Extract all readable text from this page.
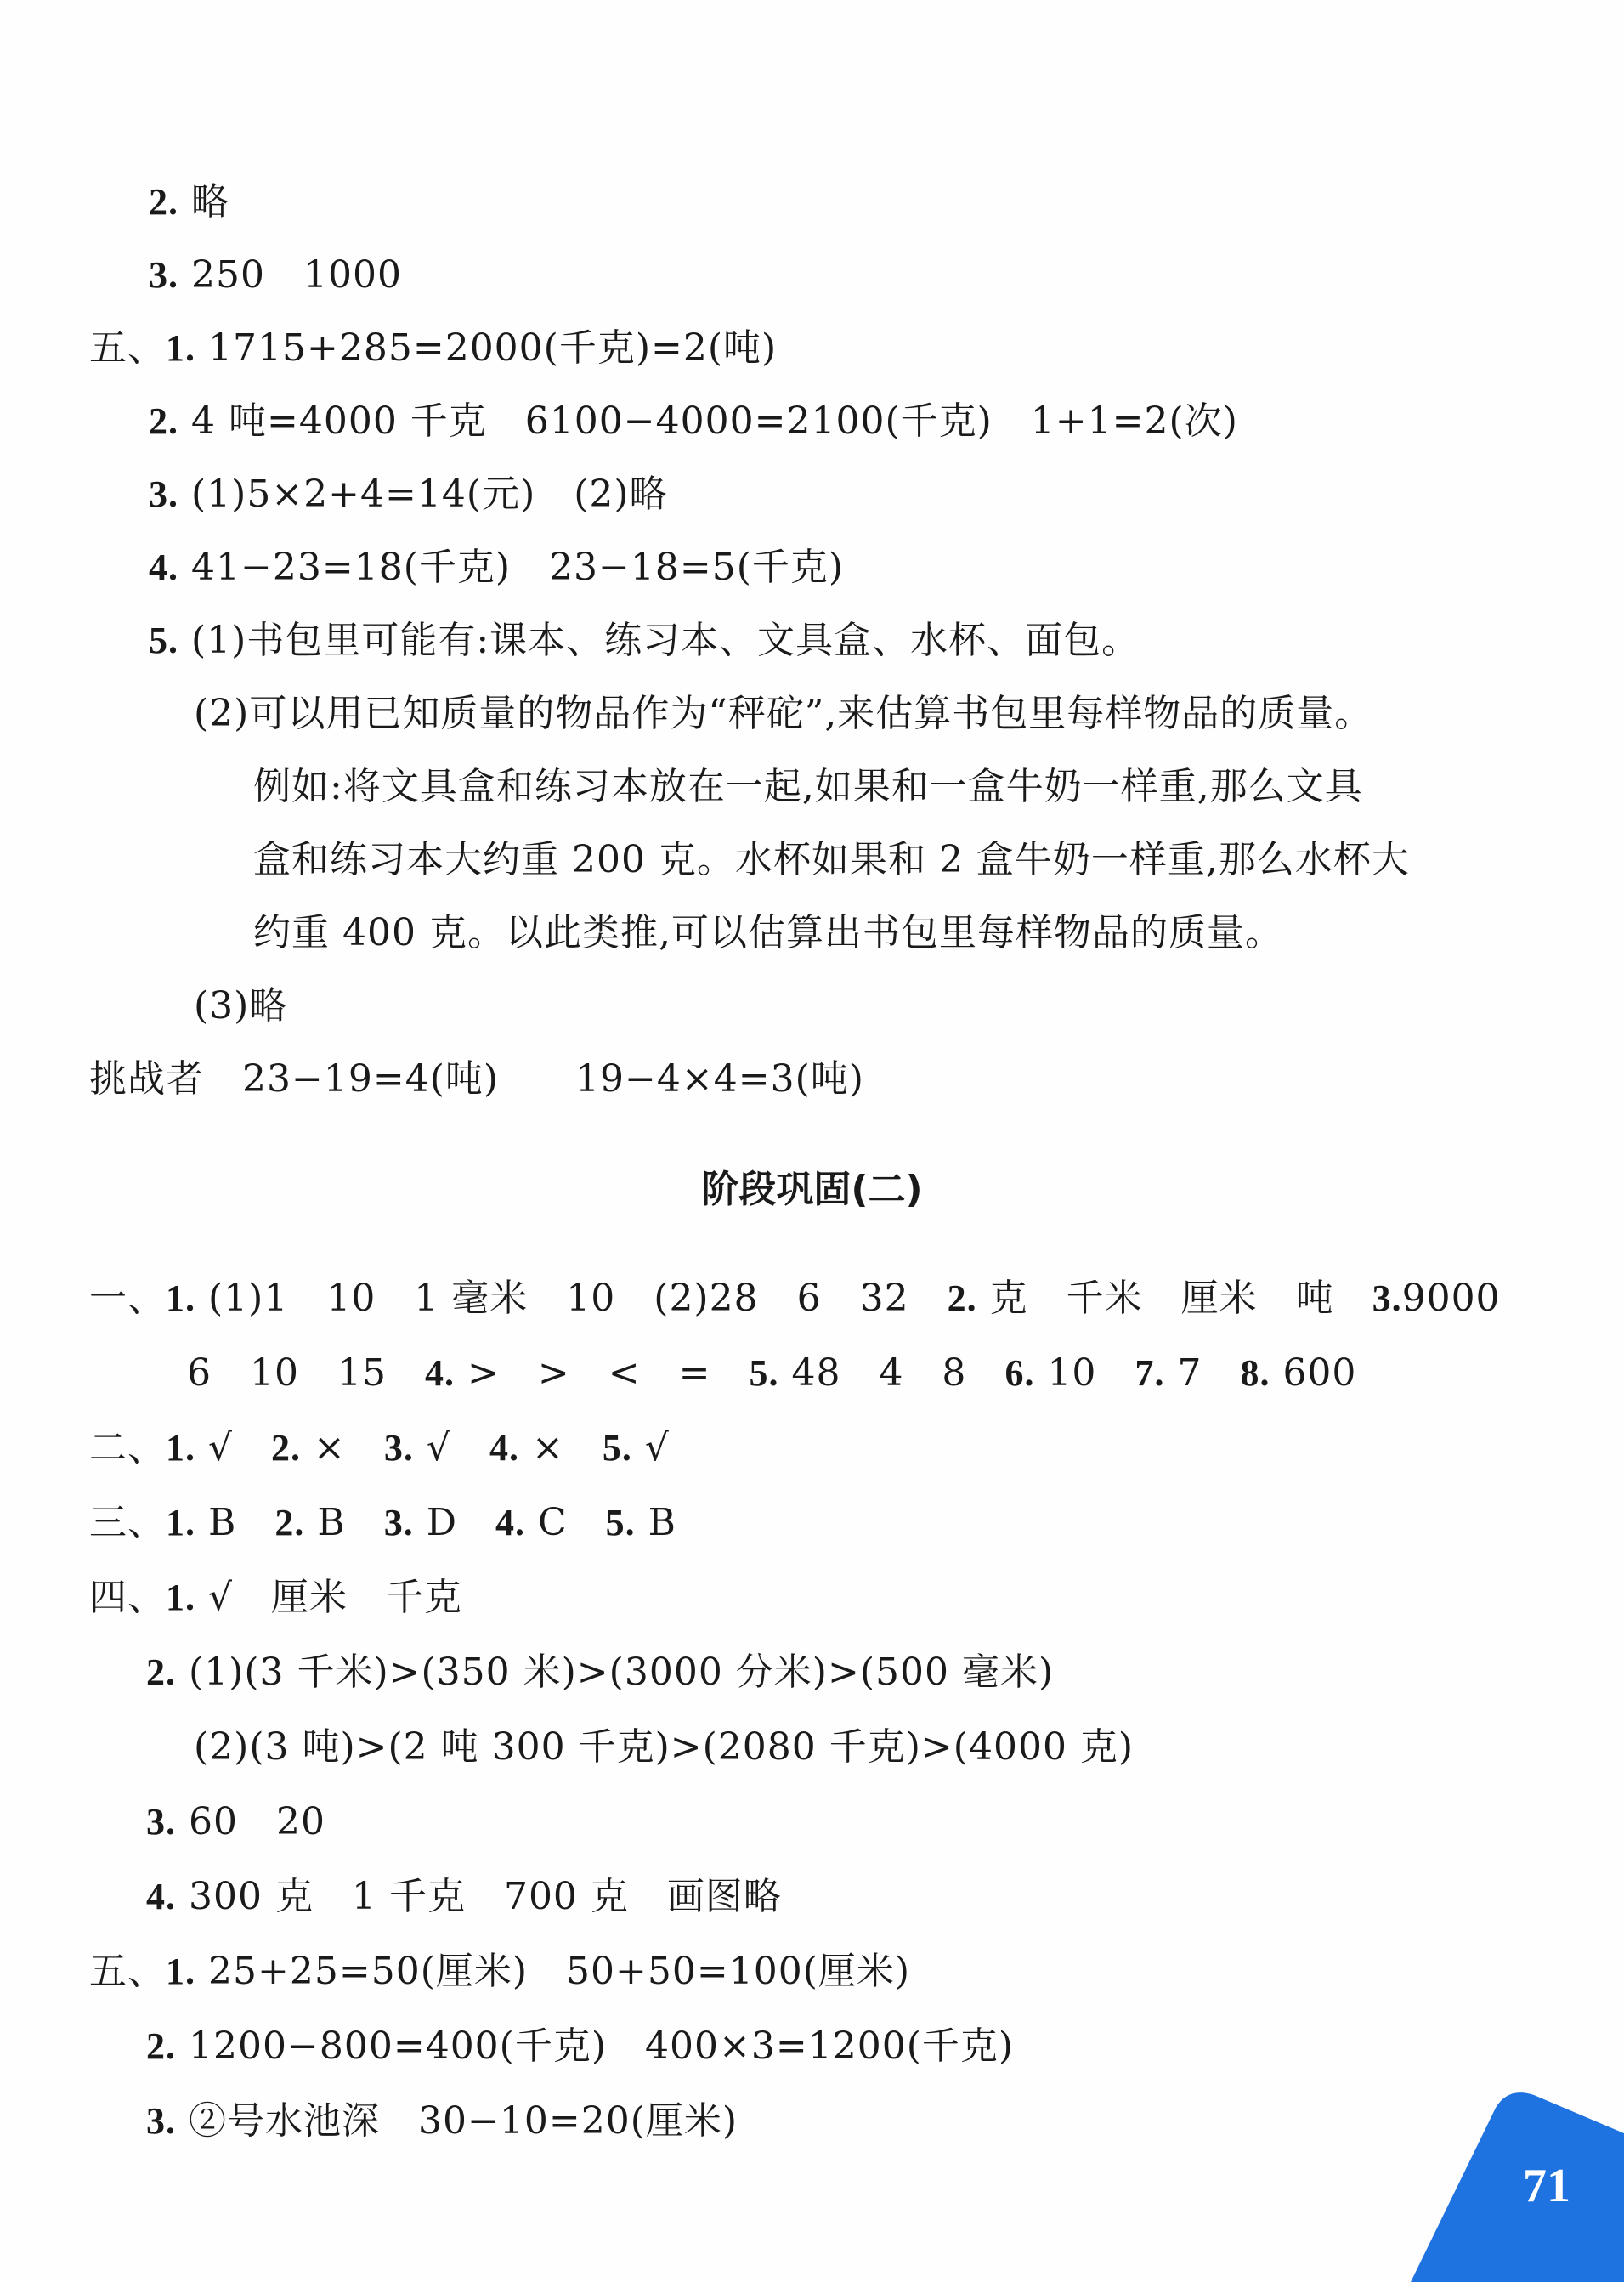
2. 略
3. 250　1000
五、1. 1715+285=2000(千克)=2(吨)
2. 4 吨=4000 千克　6100−4000=2100(千克)　1+1=2(次)
3. (1)5×2+4=14(元)　(2)略
4. 41−23=18(千克)　23−18=5(千克)
5. (1)书包里可能有:课本、练习本、文具盒、水杯、面包。
(2)可以用已知质量的物品作为“秤砣”,来估算书包里每样物品的质量。
例如:将文具盒和练习本放在一起,如果和一盒牛奶一样重,那么文具
盒和练习本大约重 200 克。水杯如果和 2 盒牛奶一样重,那么水杯大
约重 400 克。以此类推,可以估算出书包里每样物品的质量。
(3)略
挑战者　23−19=4(吨)　　19−4×4=3(吨)
阶段巩固(二)
一、1. (1)1　10　1 毫米　10　(2)28　6　32　 2. 克　千米　厘米　吨　 3.9000
6　10　15　 4. >　>　<　=　 5. 48　4　8　 6. 10　 7. 7　 8. 600
二、1. √　 2. ×　 3. √　 4. ×　 5. √
三、1. B　 2. B　 3. D　 4. C　 5. B
四、1. √　厘米　千克
2. (1)(3 千米)>(350 米)>(3000 分米)>(500 毫米)
(2)(3 吨)>(2 吨 300 千克)>(2080 千克)>(4000 克)
3. 60　20
4. 300 克　1 千克　700 克　画图略
五、1. 25+25=50(厘米)　50+50=100(厘米)
2. 1200−800=400(千克)　400×3=1200(千克)
3. ②号水池深　30−10=20(厘米)
71
